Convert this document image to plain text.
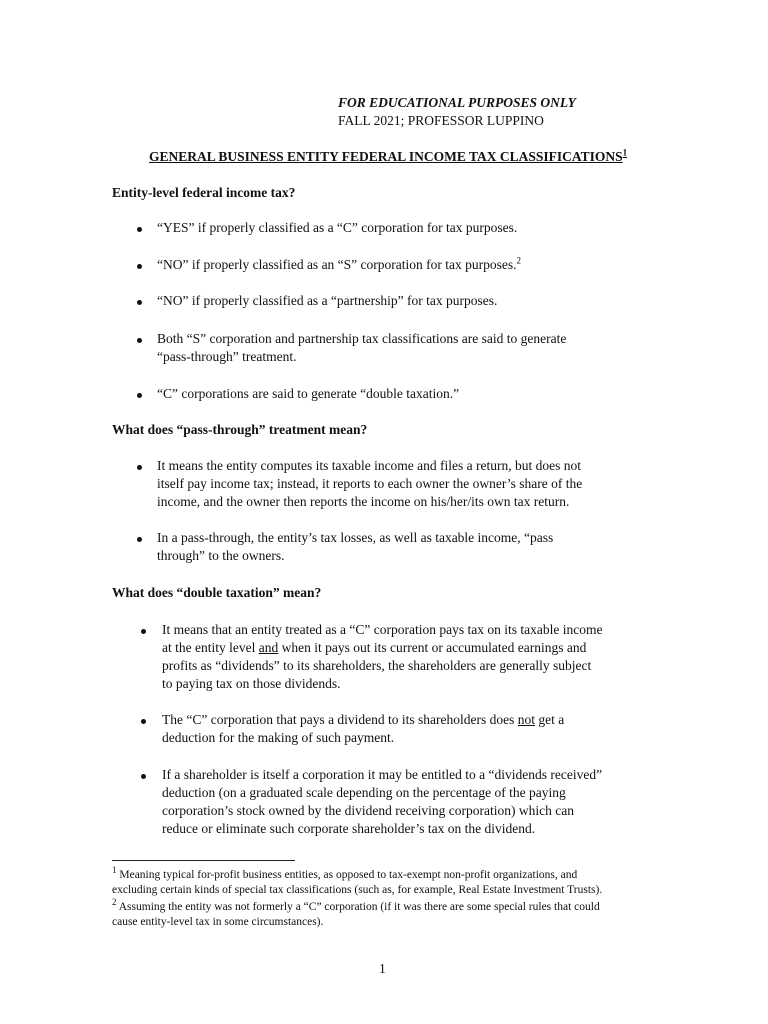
FOR EDUCATIONAL PURPOSES ONLY
FALL 2021; PROFESSOR LUPPINO
GENERAL BUSINESS ENTITY FEDERAL INCOME TAX CLASSIFICATIONS$^1$
Entity-level federal income tax?
“YES” if properly classified as a “C” corporation for tax purposes.
“NO” if properly classified as an “S” corporation for tax purposes.$^2$
“NO” if properly classified as a “partnership” for tax purposes.
Both “S” corporation and partnership tax classifications are said to generate
“pass-through” treatment.
“C” corporations are said to generate “double taxation.”
What does “pass-through” treatment mean?
It means the entity computes its taxable income and files a return, but does not
itself pay income tax; instead, it reports to each owner the owner’s share of the
income, and the owner then reports the income on his/her/its own tax return.
In a pass-through, the entity’s tax losses, as well as taxable income, “pass
through” to the owners.
What does “double taxation” mean?
It means that an entity treated as a “C” corporation pays tax on its taxable income
at the entity level and when it pays out its current or accumulated earnings and
profits as “dividends” to its shareholders, the shareholders are generally subject
to paying tax on those dividends.
The “C” corporation that pays a dividend to its shareholders does not get a
deduction for the making of such payment.
If a shareholder is itself a corporation it may be entitled to a “dividends received”
deduction (on a graduated scale depending on the percentage of the paying
corporation’s stock owned by the dividend receiving corporation) which can
reduce or eliminate such corporate shareholder’s tax on the dividend.
$^1$ Meaning typical for-profit business entities, as opposed to tax-exempt non-profit organizations, and
excluding certain kinds of special tax classifications (such as, for example, Real Estate Investment Trusts).
$^2$ Assuming the entity was not formerly a “C” corporation (if it was there are some special rules that could
cause entity-level tax in some circumstances).
1
